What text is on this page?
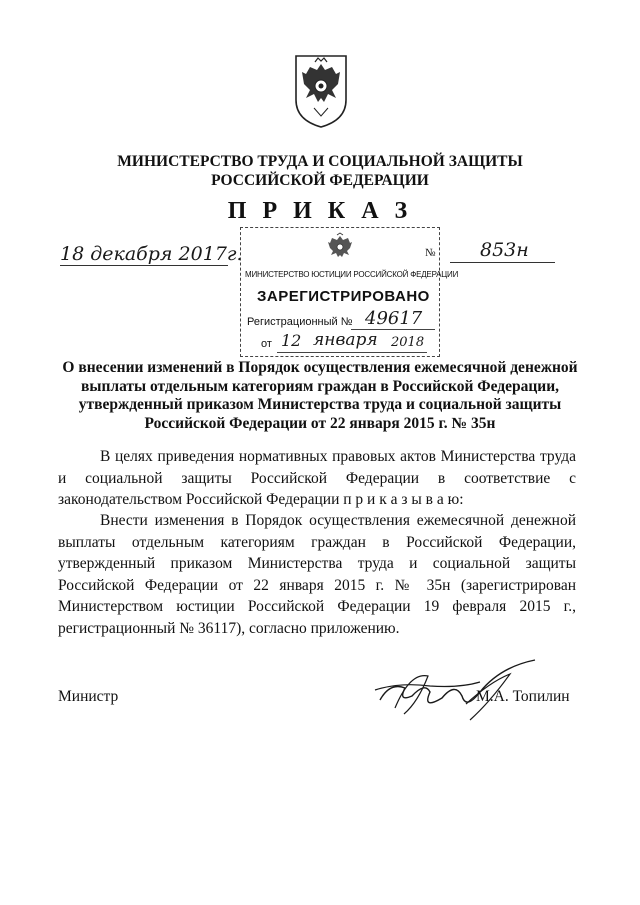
МИНИСТЕРСТВО ТРУДА И СОЦИАЛЬНОЙ ЗАЩИТЫ
РОССИЙСКОЙ ФЕДЕРАЦИИ
П Р И К А З
18 декабря 2017г.	№ 853н
МИНИСТЕРСТВО ЮСТИЦИИ РОССИЙСКОЙ ФЕДЕРАЦИИ
ЗАРЕГИСТРИРОВАНО
Регистрационный № 49617
от 12 января 2018
О внесении изменений в Порядок осуществления ежемесячной денежной выплаты отдельным категориям граждан в Российской Федерации, утвержденный приказом Министерства труда и социальной защиты Российской Федерации от 22 января 2015 г. № 35н
В целях приведения нормативных правовых актов Министерства труда и социальной защиты Российской Федерации в соответствие с законодательством Российской Федерации п р и к а з ы в а ю:
Внести изменения в Порядок осуществления ежемесячной денежной выплаты отдельным категориям граждан в Российской Федерации, утвержденный приказом Министерства труда и социальной защиты Российской Федерации от 22 января 2015 г. № 35н (зарегистрирован Министерством юстиции Российской Федерации 19 февраля 2015 г., регистрационный № 36117), согласно приложению.
Министр	М.А. Топилин
